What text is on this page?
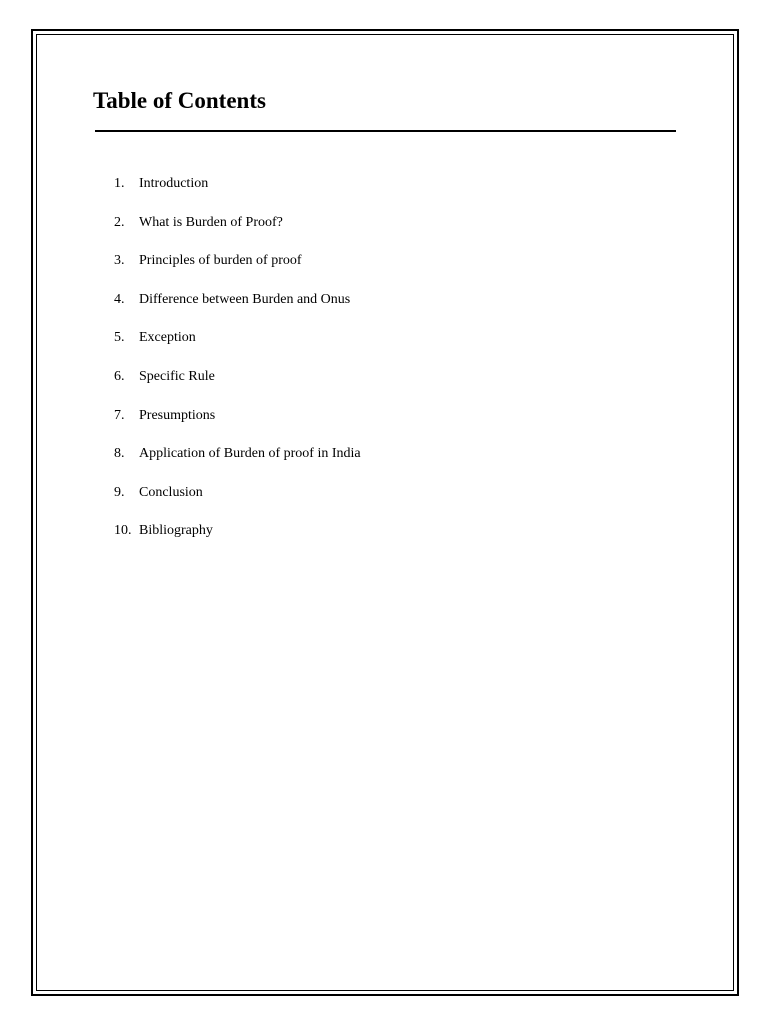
Table of Contents
1. Introduction
2. What is Burden of Proof?
3. Principles of burden of proof
4. Difference between Burden and Onus
5. Exception
6. Specific Rule
7. Presumptions
8. Application of Burden of proof in India
9. Conclusion
10. Bibliography
